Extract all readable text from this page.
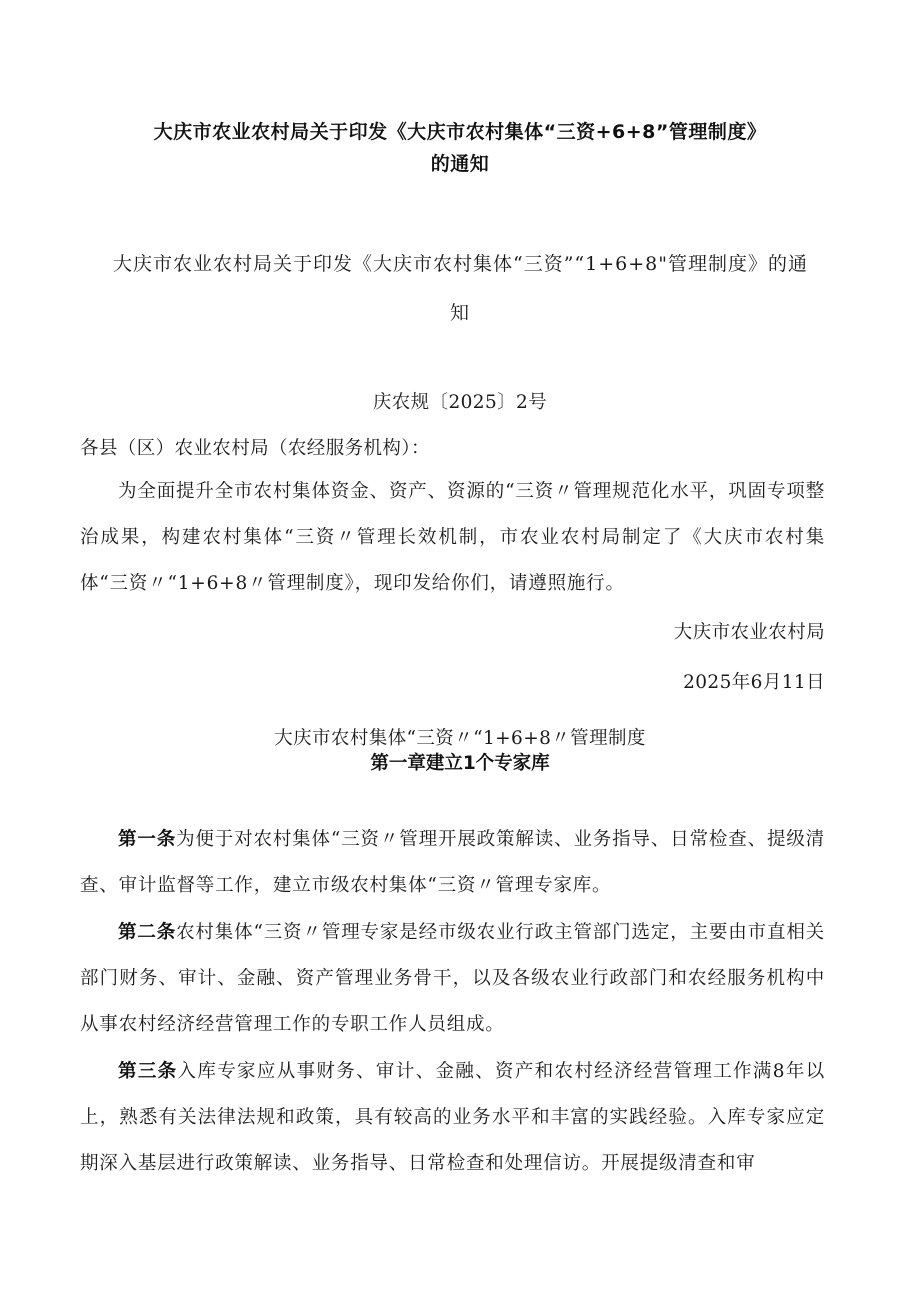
大庆市农业农村局关于印发《大庆市农村集体“三资+6+8”管理制度》
的通知
大庆市农业农村局关于印发《大庆市农村集体“三资”“1+6+8"管理制度》的通
知
庆农规〔2025〕2号
各县（区）农业农村局（农经服务机构）：
为全面提升全市农村集体资金、资产、资源的“三资〃管理规范化水平，巩固专项整治成果，构建农村集体“三资〃管理长效机制，市农业农村局制定了《大庆市农村集体“三资〃“1+6+8〃管理制度》，现印发给你们，请遵照施行。
大庆市农业农村局
2025年6月11日
大庆市农村集体“三资〃“1+6+8〃管理制度
第一章建立1个专家库
第一条为便于对农村集体“三资〃管理开展政策解读、业务指导、日常检查、提级清查、审计监督等工作，建立市级农村集体“三资〃管理专家库。
第二条农村集体“三资〃管理专家是经市级农业行政主管部门选定，主要由市直相关部门财务、审计、金融、资产管理业务骨干，以及各级农业行政部门和农经服务机构中从事农村经济经营管理工作的专职工作人员组成。
第三条入库专家应从事财务、审计、金融、资产和农村经济经营管理工作满8年以上，熟悉有关法律法规和政策，具有较高的业务水平和丰富的实践经验。入库专家应定期深入基层进行政策解读、业务指导、日常检查和处理信访。开展提级清查和审
